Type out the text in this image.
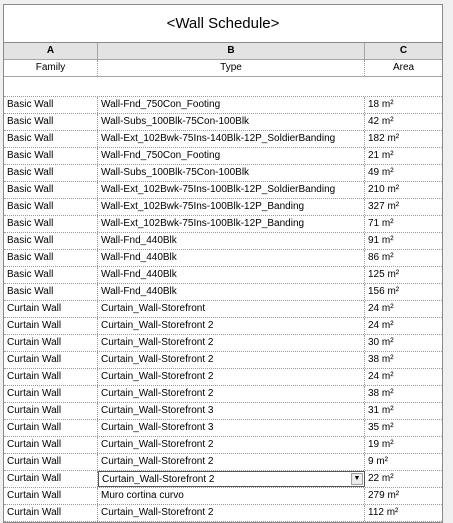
<Wall Schedule>
A	B	C
Family	Type	Area
Basic Wall	Wall-Fnd_750Con_Footing	18 m²
Basic Wall	Wall-Subs_100Blk-75Con-100Blk	42 m²
Basic Wall	Wall-Ext_102Bwk-75Ins-140Blk-12P_SoldierBanding	182 m²
Basic Wall	Wall-Fnd_750Con_Footing	21 m²
Basic Wall	Wall-Subs_100Blk-75Con-100Blk	49 m²
Basic Wall	Wall-Ext_102Bwk-75Ins-100Blk-12P_SoldierBanding	210 m²
Basic Wall	Wall-Ext_102Bwk-75Ins-100Blk-12P_Banding	327 m²
Basic Wall	Wall-Ext_102Bwk-75Ins-100Blk-12P_Banding	71 m²
Basic Wall	Wall-Fnd_440Blk	91 m²
Basic Wall	Wall-Fnd_440Blk	86 m²
Basic Wall	Wall-Fnd_440Blk	125 m²
Basic Wall	Wall-Fnd_440Blk	156 m²
Curtain Wall	Curtain_Wall-Storefront	24 m²
Curtain Wall	Curtain_Wall-Storefront 2	24 m²
Curtain Wall	Curtain_Wall-Storefront 2	30 m²
Curtain Wall	Curtain_Wall-Storefront 2	38 m²
Curtain Wall	Curtain_Wall-Storefront 2	24 m²
Curtain Wall	Curtain_Wall-Storefront 2	38 m²
Curtain Wall	Curtain_Wall-Storefront 3	31 m²
Curtain Wall	Curtain_Wall-Storefront 3	35 m²
Curtain Wall	Curtain_Wall-Storefront 2	19 m²
Curtain Wall	Curtain_Wall-Storefront 2	9 m²
Curtain Wall	Curtain_Wall-Storefront 2	▼ 22 m²
Curtain Wall	Muro cortina curvo	279 m²
Curtain Wall	Curtain_Wall-Storefront 2	112 m²
